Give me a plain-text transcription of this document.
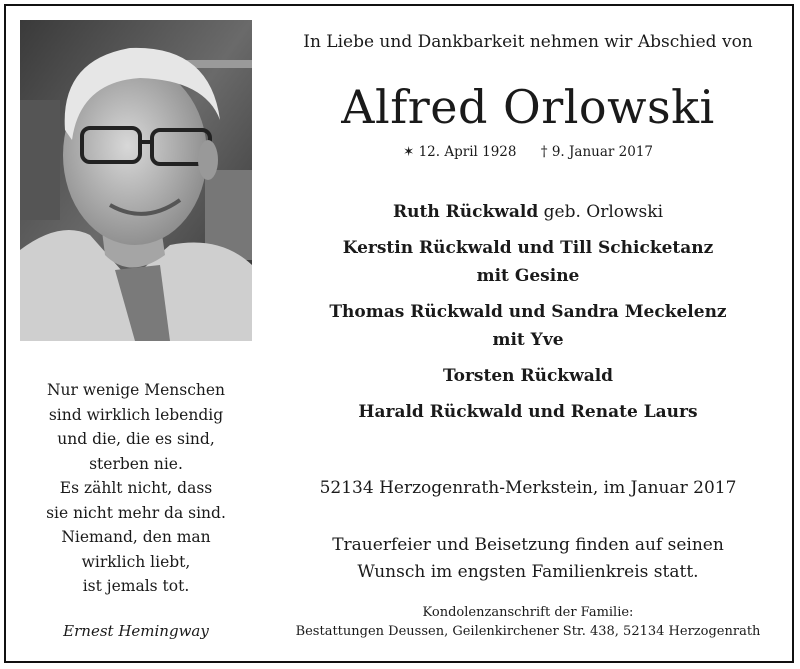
Nur wenige Menschen
sind wirklich lebendig
und die, die es sind,
sterben nie.
Es zählt nicht, dass
sie nicht mehr da sind.
Niemand, den man
wirklich liebt,
ist jemals tot.
Ernest Hemingway
In Liebe und Dankbarkeit nehmen wir Abschied von
Alfred Orlowski
✶ 12. April 1928 † 9. Januar 2017
Ruth Rückwald geb. Orlowski
Kerstin Rückwald und Till Schicketanz
mit Gesine
Thomas Rückwald und Sandra Meckelenz
mit Yve
Torsten Rückwald
Harald Rückwald und Renate Laurs
52134 Herzogenrath-Merkstein, im Januar 2017
Trauerfeier und Beisetzung finden auf seinen
Wunsch im engsten Familienkreis statt.
Kondolenzanschrift der Familie:
Bestattungen Deussen, Geilenkirchener Str. 438, 52134 Herzogenrath
